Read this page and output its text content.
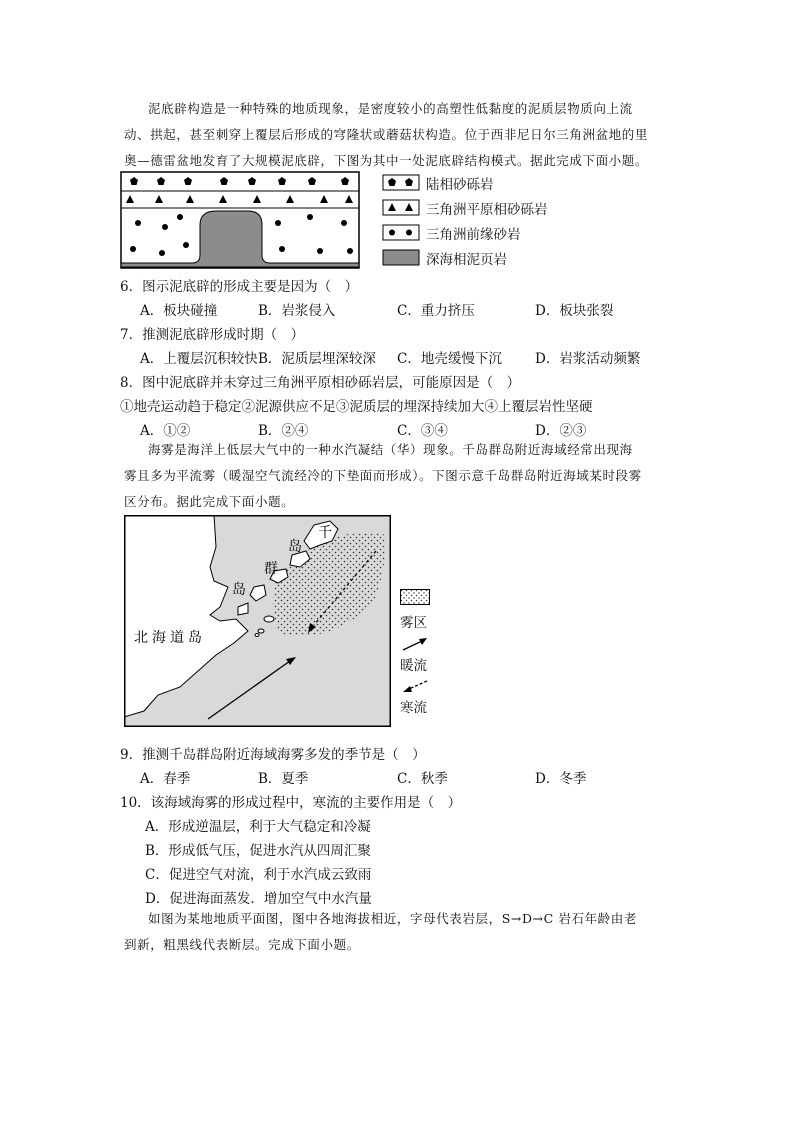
泥底辟构造是一种特殊的地质现象，是密度较小的高塑性低黏度的泥质层物质向上流
动、拱起，甚至刺穿上覆层后形成的穹隆状或蘑菇状构造。位于西非尼日尔三角洲盆地的里
奥—德雷盆地发育了大规模泥底辟，下图为其中一处泥底辟结构模式。据此完成下面小题。
陆相砂砾岩
三角洲平原相砂砾岩
三角洲前缘砂岩
深海相泥页岩
6．图示泥底辟的形成主要是因为（　）
A．板块碰撞	B．岩浆侵入	C．重力挤压	D．板块张裂
7．推测泥底辟形成时期（　）
A．上覆层沉积较快 B．泥质层埋深较深 C．地壳缓慢下沉 D．岩浆活动频繁
8．图中泥底辟并未穿过三角洲平原相砂砾岩层，可能原因是（　）
①地壳运动趋于稳定②泥源供应不足③泥质层的埋深持续加大④上覆层岩性坚硬
A．①②	B．②④	C．③④	D．②③
海雾是海洋上低层大气中的一种水汽凝结（华）现象。千岛群岛附近海域经常出现海
雾且多为平流雾（暖湿空气流经冷的下垫面而形成）。下图示意千岛群岛附近海域某时段雾
区分布。据此完成下面小题。
千
岛
群
岛
北海道岛
雾区
暖流
寒流
9．推测千岛群岛附近海域海雾多发的季节是（　）
A．春季	B．夏季	C．秋季	D．冬季
10．该海域海雾的形成过程中，寒流的主要作用是（　）
A．形成逆温层，利于大气稳定和冷凝
B．形成低气压，促进水汽从四周汇聚
C．促进空气对流，利于水汽成云致雨
D．促进海面蒸发．增加空气中水汽量
如图为某地地质平面图，图中各地海拔相近，字母代表岩层，S→D→C 岩石年龄由老
到新，粗黑线代表断层。完成下面小题。
